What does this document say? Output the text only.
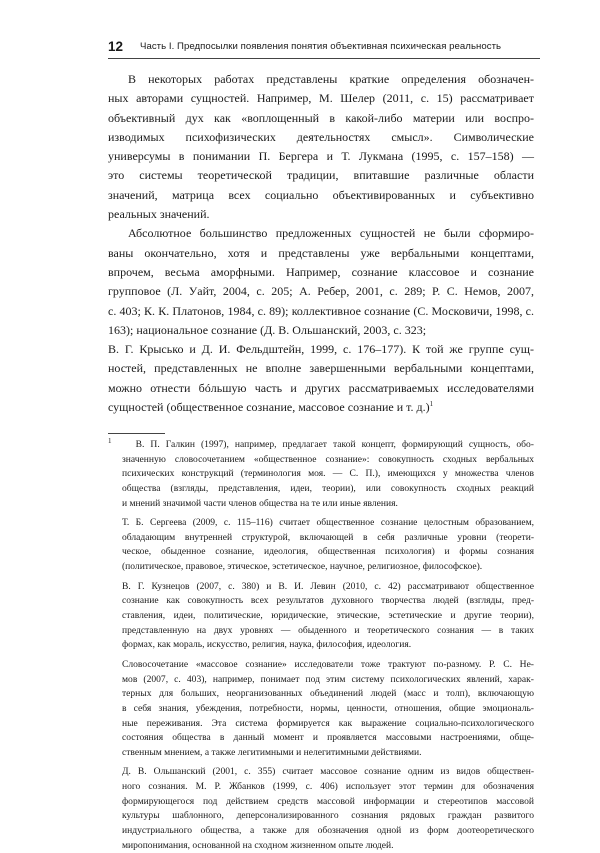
12 Часть I. Предпосылки появления понятия объективная психическая реальность
В некоторых работах представлены краткие определения обозначен-
ных авторами сущностей. Например, М. Шелер (2011, с. 15) рассматривает
объективный дух как «воплощенный в какой-либо материи или воспро-
изводимых психофизических деятельностях смысл». Символические
универсумы в понимании П. Бергера и Т. Лукмана (1995, с. 157–158) —
это системы теоретической традиции, впитавшие различные области
значений, матрица всех социально объективированных и субъективно
реальных значений.
Абсолютное большинство предложенных сущностей не были сформиро-
ваны окончательно, хотя и представлены уже вербальными концептами,
впрочем, весьма аморфными. Например, сознание классовое и сознание
групповое (Л. Уайт, 2004, с. 205; А. Ребер, 2001, с. 289; Р. С. Немов, 2007,
с. 403; К. К. Платонов, 1984, с. 89); коллективное сознание (С. Московичи, 1998, с. 163); национальное сознание (Д. В. Ольшанский, 2003, с. 323;
В. Г. Крысько и Д. И. Фельдштейн, 1999, с. 176–177). К той же группе сущ-
ностей, представленных не вполне завершенными вербальными концептами,
можно отнести бóльшую часть и других рассматриваемых исследователями
сущностей (общественное сознание, массовое сознание и т. д.)$^1$
$^1$	В. П. Галкин (1997), например, предлагает такой концепт, формирующий сущность, обо-
значенную словосочетанием «общественное сознание»: совокупность сходных вербальных
психических конструкций (терминология моя. — С. П.), имеющихся у множества членов
общества (взгляды, представления, идеи, теории), или совокупность сходных реакций
и мнений значимой части членов общества на те или иные явления.
Т. Б. Сергеева (2009, с. 115–116) считает общественное сознание целостным образованием,
обладающим внутренней структурой, включающей в себя различные уровни (теорети-
ческое, обыденное сознание, идеология, общественная психология) и формы сознания
(политическое, правовое, этическое, эстетическое, научное, религиозное, философское).
В. Г. Кузнецов (2007, с. 380) и В. И. Левин (2010, с. 42) рассматривают общественное
сознание как совокупность всех результатов духовного творчества людей (взгляды, пред-
ставления, идеи, политические, юридические, этические, эстетические и другие теории),
представленную на двух уровнях — обыденного и теоретического сознания — в таких
формах, как мораль, искусство, религия, наука, философия, идеология.
Словосочетание «массовое сознание» исследователи тоже трактуют по-разному. Р. С. Не-
мов (2007, с. 403), например, понимает под этим систему психологических явлений, харак-
терных для больших, неорганизованных объединений людей (масс и толп), включающую
в себя знания, убеждения, потребности, нормы, ценности, отношения, общие эмоциональ-
ные переживания. Эта система формируется как выражение социально-психологического
состояния общества в данный момент и проявляется массовыми настроениями, обще-
ственным мнением, а также легитимными и нелегитимными действиями.
Д. В. Ольшанский (2001, с. 355) считает массовое сознание одним из видов обществен-
ного сознания. М. Р. Жбанков (1999, с. 406) использует этот термин для обозначения
формирующегося под действием средств массовой информации и стереотипов массовой
культуры шаблонного, деперсонализированного сознания рядовых граждан развитого
индустриального общества, а также для обозначения одной из форм доотеоретического
миропонимания, основанной на сходном жизненном опыте людей.
